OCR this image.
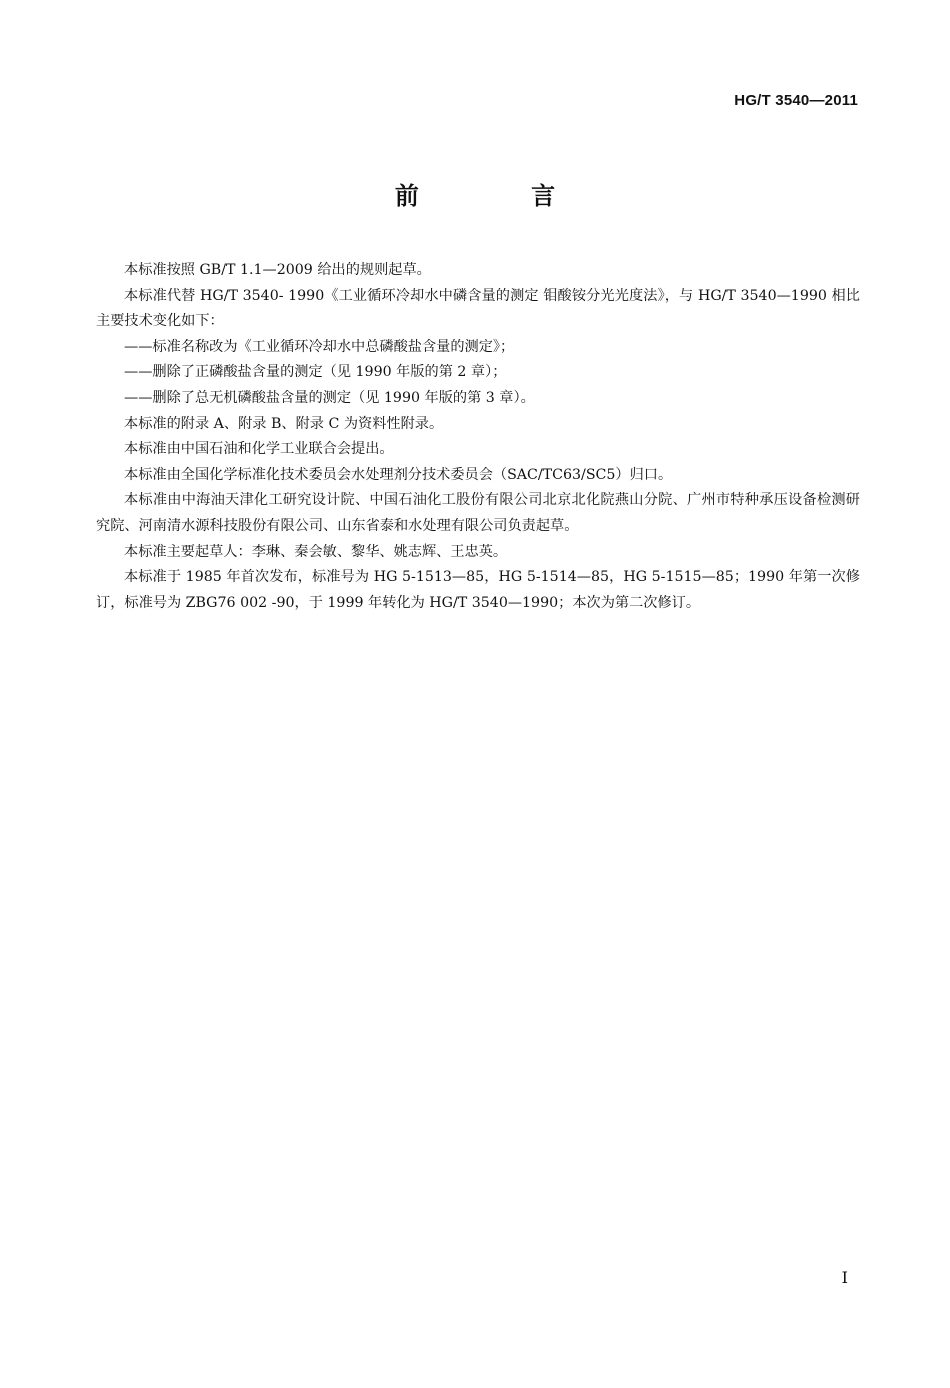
HG/T 3540—2011
前 言

本标准按照 GB/T 1.1—2009 给出的规则起草。

本标准代替 HG/T 3540- 1990《工业循环冷却水中磷含量的测定 钼酸铵分光光度法》，与 HG/T 3540—1990 相比主要技术变化如下：

——标准名称改为《工业循环冷却水中总磷酸盐含量的测定》；

——删除了正磷酸盐含量的测定（见 1990 年版的第 2 章）；

——删除了总无机磷酸盐含量的测定（见 1990 年版的第 3 章）。

本标准的附录 A、附录 B、附录 C 为资料性附录。

本标准由中国石油和化学工业联合会提出。

本标准由全国化学标准化技术委员会水处理剂分技术委员会（SAC/TC63/SC5）归口。

本标准由中海油天津化工研究设计院、中国石油化工股份有限公司北京北化院燕山分院、广州市特种承压设备检测研究院、河南清水源科技股份有限公司、山东省泰和水处理有限公司负责起草。

本标准主要起草人：李琳、秦会敏、黎华、姚志辉、王忠英。

本标准于 1985 年首次发布，标准号为 HG 5-1513—85，HG 5-1514—85，HG 5-1515—85；1990 年第一次修订，标准号为 ZBG76 002 -90，于 1999 年转化为 HG/T 3540—1990；本次为第二次修订。

I
